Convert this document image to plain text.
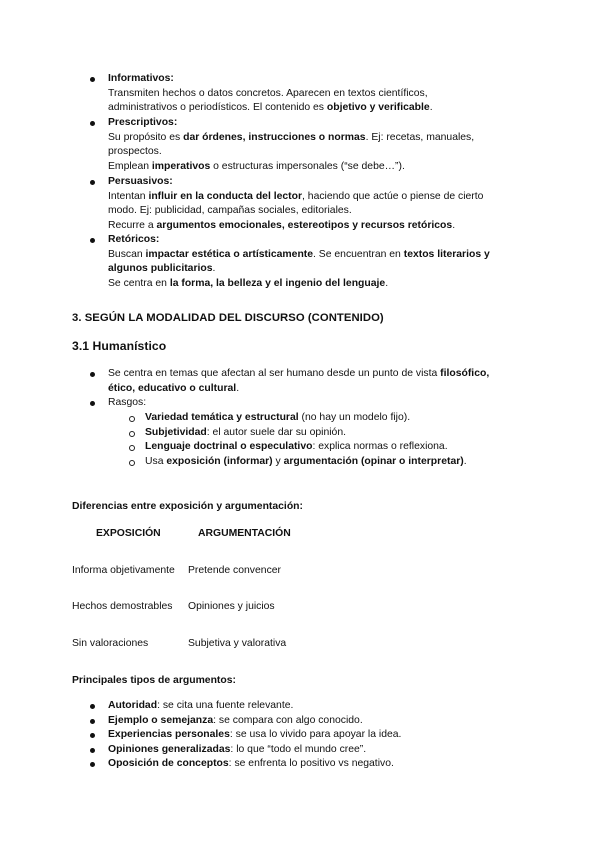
Informativos:
Transmiten hechos o datos concretos. Aparecen en textos científicos,
administrativos o periodísticos. El contenido es objetivo y verificable.
Prescriptivos:
Su propósito es dar órdenes, instrucciones o normas. Ej: recetas, manuales,
prospectos.
Emplean imperativos o estructuras impersonales (“se debe…”).
Persuasivos:
Intentan influir en la conducta del lector, haciendo que actúe o piense de cierto
modo. Ej: publicidad, campañas sociales, editoriales.
Recurre a argumentos emocionales, estereotipos y recursos retóricos.
Retóricos:
Buscan impactar estética o artísticamente. Se encuentran en textos literarios y
algunos publicitarios.
Se centra en la forma, la belleza y el ingenio del lenguaje.
3. SEGÚN LA MODALIDAD DEL DISCURSO (CONTENIDO)
3.1 Humanístico
Se centra en temas que afectan al ser humano desde un punto de vista filosófico,
ético, educativo o cultural.
Rasgos:
Variedad temática y estructural (no hay un modelo fijo).
Subjetividad: el autor suele dar su opinión.
Lenguaje doctrinal o especulativo: explica normas o reflexiona.
Usa exposición (informar) y argumentación (opinar o interpretar).
Diferencias entre exposición y argumentación:
EXPOSICIÓN	ARGUMENTACIÓN
Informa objetivamente Pretende convencer
Hechos demostrables Opiniones y juicios
Sin valoraciones	Subjetiva y valorativa
Principales tipos de argumentos:
Autoridad: se cita una fuente relevante.
Ejemplo o semejanza: se compara con algo conocido.
Experiencias personales: se usa lo vivido para apoyar la idea.
Opiniones generalizadas: lo que “todo el mundo cree”.
Oposición de conceptos: se enfrenta lo positivo vs negativo.
